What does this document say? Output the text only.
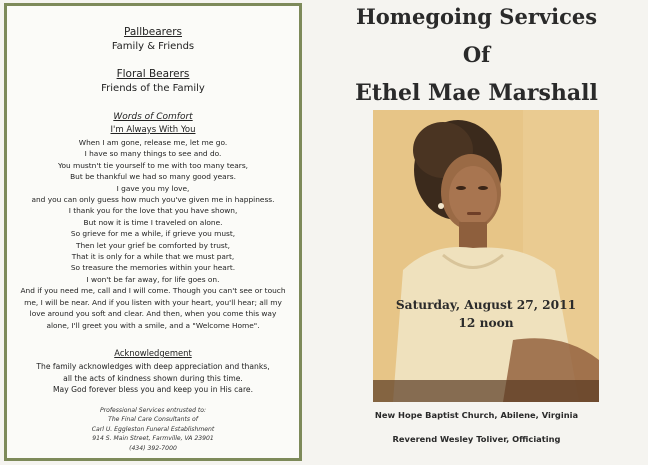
Pallbearers
Family & Friends
Floral Bearers
Friends of the Family
Words of Comfort
I'm Always With You
When I am gone, release me, let me go.
I have so many things to see and do.
You mustn't tie yourself to me with too many tears,
But be thankful we had so many good years.
I gave you my love,
and you can only guess how much you've given me in happiness.
I thank you for the love that you have shown,
But now it is time I traveled on alone.
So grieve for me a while, if grieve you must,
Then let your grief be comforted by trust,
That it is only for a while that we must part,
So treasure the memories within your heart.
I won't be far away, for life goes on.
And if you need me, call and I will come. Though you can't see or touch
me, I will be near. And if you listen with your heart, you'll hear; all my
love around you soft and clear. And then, when you come this way
alone, I'll greet you with a smile, and a "Welcome Home".
Acknowledgement
The family acknowledges with deep appreciation and thanks,
all the acts of kindness shown during this time.
May God forever bless you and keep you in His care.
Professional Services entrusted to:
The Final Care Consultants of
Carl U. Eggleston Funeral Establishment
914 S. Main Street, Farmville, VA 23901
(434) 392-7000
Homegoing Services
Of
Ethel Mae Marshall
Saturday, August 27, 2011
12 noon
New Hope Baptist Church, Abilene, Virginia
Reverend Wesley Toliver, Officiating
